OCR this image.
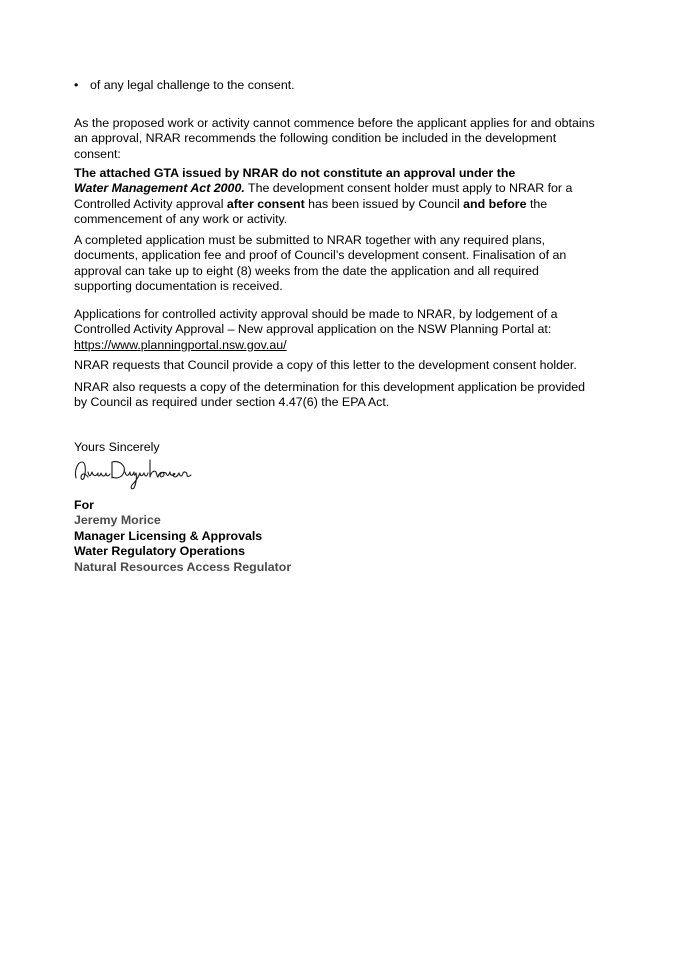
• of any legal challenge to the consent.

As the proposed work or activity cannot commence before the applicant applies for and obtains

an approval, NRAR recommends the following condition be included in the development

consent:

The attached GTA issued by NRAR do not constitute an approval under the

Water Management Act 2000. The development consent holder must apply to NRAR for a

Controlled Activity approval after consent has been issued by Council and before the

commencement of any work or activity.

A completed application must be submitted to NRAR together with any required plans,

documents, application fee and proof of Council’s development consent. Finalisation of an

approval can take up to eight (8) weeks from the date the application and all required

supporting documentation is received.

Applications for controlled activity approval should be made to NRAR, by lodgement of a

Controlled Activity Approval – New approval application on the NSW Planning Portal at:

https://www.planningportal.nsw.gov.au/

NRAR requests that Council provide a copy of this letter to the development consent holder.

NRAR also requests a copy of the determination for this development application be provided

by Council as required under section 4.47(6) the EPA Act.

Yours Sincerely

For

Jeremy Morice

Manager Licensing & Approvals

Water Regulatory Operations

Natural Resources Access Regulator
